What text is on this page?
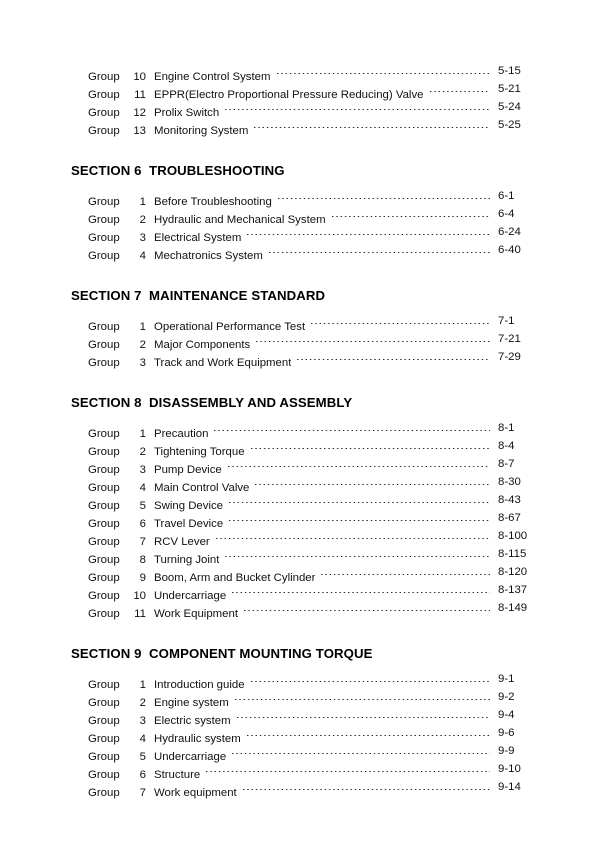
Group	10 Engine Control System	5-15
Group	11 EPPR(Electro Proportional Pressure Reducing) Valve	5-21
Group	12 Prolix Switch	5-24
Group	13 Monitoring System	5-25
SECTION 6  TROUBLESHOOTING
Group	1 Before Troubleshooting	6-1
Group	2 Hydraulic and Mechanical System	6-4
Group	3 Electrical System	6-24
Group	4 Mechatronics System	6-40
SECTION 7  MAINTENANCE STANDARD
Group	1 Operational Performance Test	7-1
Group	2 Major Components	7-21
Group	3 Track and Work Equipment	7-29
SECTION 8  DISASSEMBLY AND ASSEMBLY
Group	1 Precaution	8-1
Group	2 Tightening Torque	8-4
Group	3 Pump Device	8-7
Group	4 Main Control Valve	8-30
Group	5 Swing Device	8-43
Group	6 Travel Device	8-67
Group	7 RCV Lever	8-100
Group	8 Turning Joint	8-115
Group	9 Boom, Arm and Bucket Cylinder	8-120
Group	10 Undercarriage	8-137
Group	11 Work Equipment	8-149
SECTION 9  COMPONENT MOUNTING TORQUE
Group	1 Introduction guide	9-1
Group	2 Engine system	9-2
Group	3 Electric system	9-4
Group	4 Hydraulic system	9-6
Group	5 Undercarriage	9-9
Group	6 Structure	9-10
Group	7 Work equipment	9-14
